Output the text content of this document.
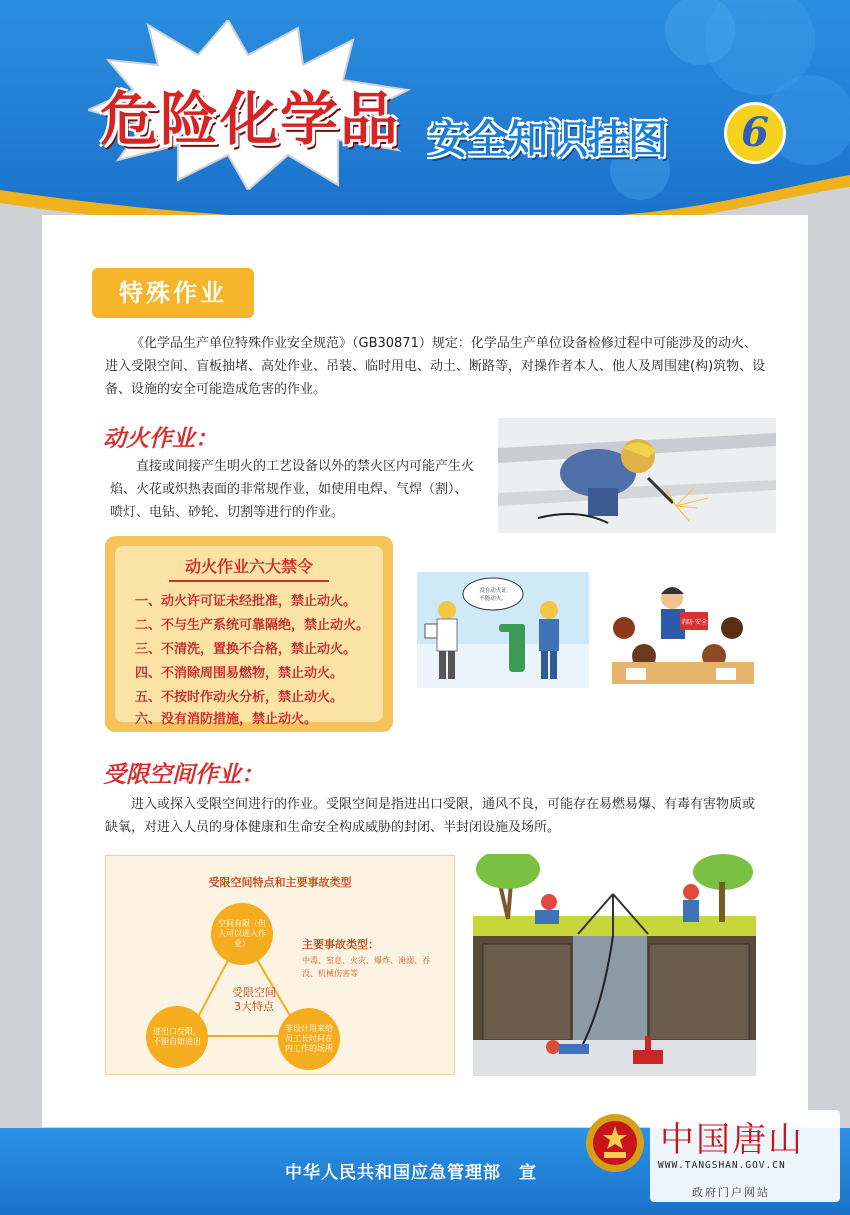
危险化学品 安全知识挂图	6
特殊作业
《化学品生产单位特殊作业安全规范》（GB30871）规定：化学品生产单位设备检修过程中可能涉及的动火、进入受限空间、盲板抽堵、高处作业、吊装、临时用电、动土、断路等，对操作者本人、他人及周围建(构)筑物、设备、设施的安全可能造成危害的作业。
动火作业：
直接或间接产生明火的工艺设备以外的禁火区内可能产生火焰、火花或炽热表面的非常规作业，如使用电焊、气焊（割）、喷灯、电钻、砂轮、切割等进行的作业。
动火作业六大禁令
一、动火许可证未经批准，禁止动火。
二、不与生产系统可靠隔绝，禁止动火。
三、不清洗，置换不合格，禁止动火。
四、不消除周围易燃物，禁止动火。
五、不按时作动火分析，禁止动火。
六、没有消防措施，禁止动火。
没有动火证
不能动火。
消防·安全
受限空间作业：
进入或探入受限空间进行的作业。受限空间是指进出口受限，通风不良，可能存在易燃易爆、有毒有害物质或缺氧，对进入人员的身体健康和生命安全构成威胁的封闭、半封闭设施及场所。
受限空间特点和主要事故类型
空间有限（但人可以进入作业）
进出口受限，不能自如进出
非设计用来给员工长时间在内工作的场所
受限空间
3大特点
主要事故类型：
中毒、窒息、火灾、爆炸、淹溺、吞没、机械伤害等
中华人民共和国应急管理部　宣
中国唐山
WWW.TANGSHAN.GOV.CN
政府门户网站
